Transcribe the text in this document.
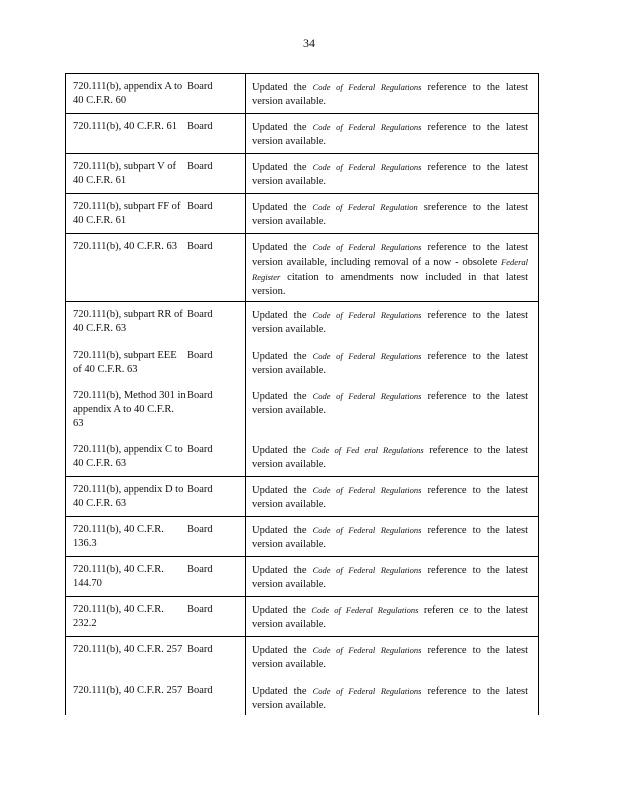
34
720.111(b), appendix A to 40 C.F.R. 60	Board	Updated the Code of Federal Regulations reference to the latest version available.
720.111(b), 40 C.F.R. 61	Board	Updated the Code of Federal Regulations reference to the latest version available.
720.111(b), subpart V of 40 C.F.R. 61	Board	Updated the Code of Federal Regulations reference to the latest version available.
720.111(b), subpart FF of 40 C.F.R. 61	Board	Updated the Code of Federal Regulation sreference to the latest version available.
720.111(b), 40 C.F.R. 63	Board	Updated the Code of Federal Regulations reference to the latest version available, including removal of a now - obsolete Federal Register citation to amendments now included in that latest version.
720.111(b), subpart RR of 40 C.F.R. 63	Board	Updated the Code of Federal Regulations reference to the latest version available.
720.111(b), subpart EEE of 40 C.F.R. 63	Board	Updated the Code of Federal Regulations reference to the latest version available.
720.111(b), Method 301 in appendix A to 40 C.F.R. 63	Board	Updated the Code of Federal Regulations reference to the latest version available.
720.111(b), appendix C to 40 C.F.R. 63	Board	Updated the Code of Fed eral Regulations reference to the latest version available.
720.111(b), appendix D to 40 C.F.R. 63	Board	Updated the Code of Federal Regulations reference to the latest version available.
720.111(b), 40 C.F.R. 136.3	Board	Updated the Code of Federal Regulations reference to the latest version available.
720.111(b), 40 C.F.R. 144.70	Board	Updated the Code of Federal Regulations reference to the latest version available.
720.111(b), 40 C.F.R. 232.2	Board	Updated the Code of Federal Regulations referen ce to the latest version available.
720.111(b), 40 C.F.R. 257	Board	Updated the Code of Federal Regulations reference to the latest version available.
720.111(b), 40 C.F.R. 257	Board	Updated the Code of Federal Regulations reference to the latest version available.
